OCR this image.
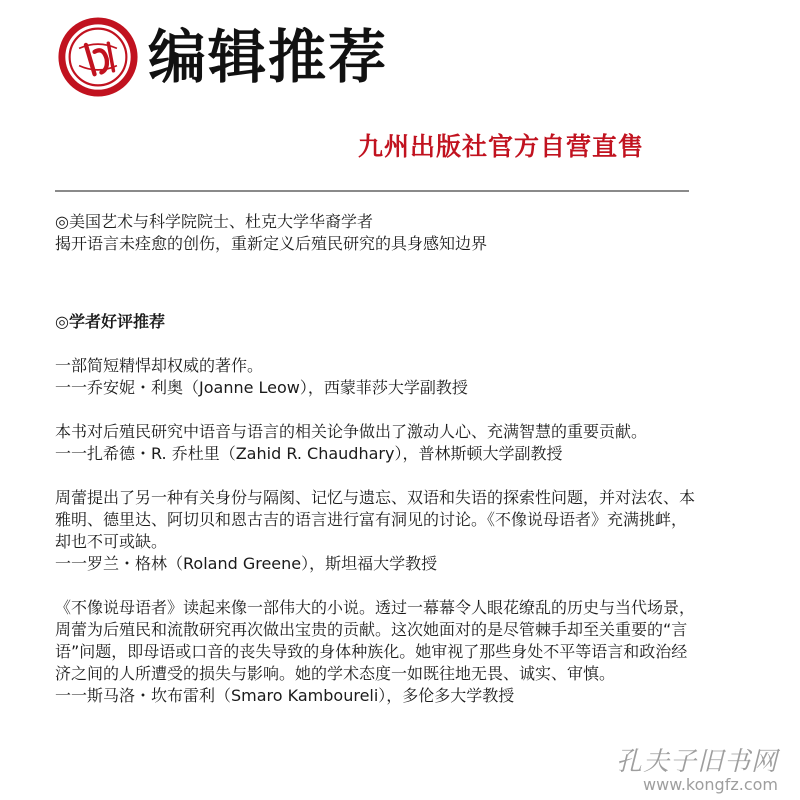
编辑推荐
九州出版社官方自营直售

◎美国艺术与科学院院士、杜克大学华裔学者

揭开语言未痊愈的创伤，重新定义后殖民研究的具身感知边界

◎学者好评推荐

一部简短精悍却权威的著作。

一一乔安妮・利奥（Joanne Leow），西蒙菲莎大学副教授

本书对后殖民研究中语音与语言的相关论争做出了激动人心、充满智慧的重要贡献。

一一扎希德・R. 乔杜里（Zahid R. Chaudhary），普林斯顿大学副教授

周蕾提出了另一种有关身份与隔阂、记忆与遗忘、双语和失语的探索性问题，并对法农、本雅明、德里达、阿切贝和恩古吉的语言进行富有洞见的讨论。《不像说母语者》充满挑衅，却也不可或缺。

一一罗兰・格林（Roland Greene），斯坦福大学教授

《不像说母语者》读起来像一部伟大的小说。透过一幕幕令人眼花缭乱的历史与当代场景，周蕾为后殖民和流散研究再次做出宝贵的贡献。这次她面对的是尽管棘手却至关重要的“言语”问题，即母语或口音的丧失导致的身体种族化。她审视了那些身处不平等语言和政治经济之间的人所遭受的损失与影响。她的学术态度一如既往地无畏、诚实、审慎。

一一斯马洛・坎布雷利（Smaro Kamboureli），多伦多大学教授

孔夫子旧书网
www.kongfz.com
